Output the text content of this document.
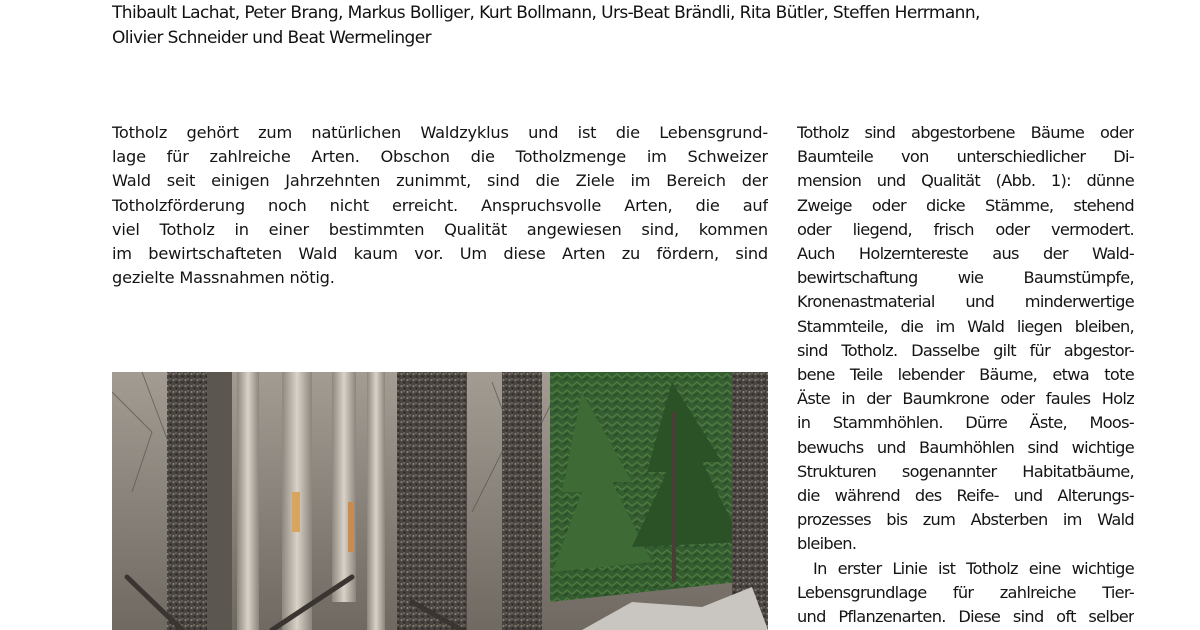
Thibault Lachat, Peter Brang, Markus Bolliger, Kurt Bollmann, Urs-Beat Brändli, Rita Bütler, Steffen Herrmann,
Olivier Schneider und Beat Wermelinger
Totholz gehört zum natürlichen Waldzyklus und ist die Lebensgrund-
lage für zahlreiche Arten. Obschon die Totholzmenge im Schweizer
Wald seit einigen Jahrzehnten zunimmt, sind die Ziele im Bereich der
Totholzförderung noch nicht erreicht. Anspruchsvolle Arten, die auf
viel Totholz in einer bestimmten Qualität angewiesen sind, kommen
im bewirtschafteten Wald kaum vor. Um diese Arten zu fördern, sind
gezielte Massnahmen nötig.
Totholz sind abgestorbene Bäume oder
Baumteile von unterschiedlicher Di-
mension und Qualität (Abb. 1): dünne
Zweige oder dicke Stämme, stehend
oder liegend, frisch oder vermodert.
Auch Holzerntereste aus der Wald-
bewirtschaftung wie Baumstümpfe,
Kronenastmaterial und minderwertige
Stammteile, die im Wald liegen bleiben,
sind Totholz. Dasselbe gilt für abgestor-
bene Teile lebender Bäume, etwa tote
Äste in der Baumkrone oder faules Holz
in Stammhöhlen. Dürre Äste, Moos-
bewuchs und Baumhöhlen sind wichtige
Strukturen sogenannter Habitatbäume,
die während des Reife- und Alterungs-
prozesses bis zum Absterben im Wald
bleiben.
In erster Linie ist Totholz eine wichtige
Lebensgrundlage für zahlreiche Tier-
und Pflanzenarten. Diese sind oft selber
